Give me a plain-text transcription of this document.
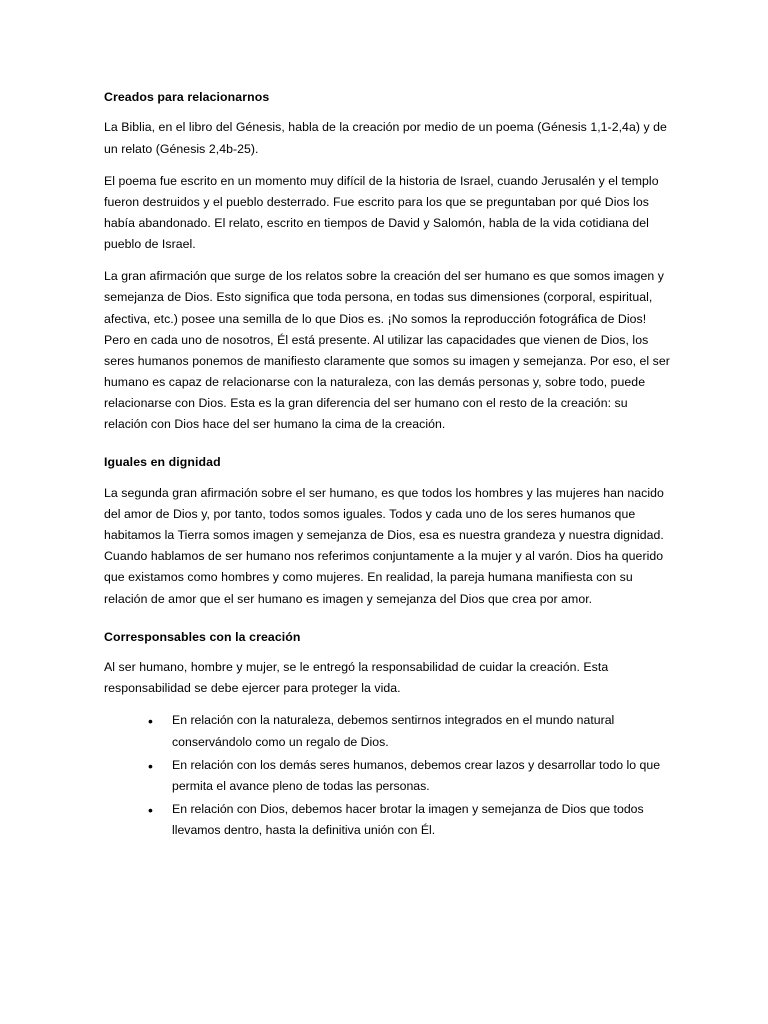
Creados para relacionarnos

La Biblia, en el libro del Génesis, habla de la creación por medio de un poema (Génesis 1,1-2,4a) y de un relato (Génesis 2,4b-25).

El poema fue escrito en un momento muy difícil de la historia de Israel, cuando Jerusalén y el templo fueron destruidos y el pueblo desterrado. Fue escrito para los que se preguntaban por qué Dios los había abandonado. El relato, escrito en tiempos de David y Salomón, habla de la vida cotidiana del pueblo de Israel.

La gran afirmación que surge de los relatos sobre la creación del ser humano es que somos imagen y semejanza de Dios. Esto significa que toda persona, en todas sus dimensiones (corporal, espiritual, afectiva, etc.) posee una semilla de lo que Dios es. ¡No somos la reproducción fotográfica de Dios! Pero en cada uno de nosotros, Él está presente. Al utilizar las capacidades que vienen de Dios, los seres humanos ponemos de manifiesto claramente que somos su imagen y semejanza. Por eso, el ser humano es capaz de relacionarse con la naturaleza, con las demás personas y, sobre todo, puede relacionarse con Dios. Esta es la gran diferencia del ser humano con el resto de la creación: su relación con Dios hace del ser humano la cima de la creación.

Iguales en dignidad

La segunda gran afirmación sobre el ser humano, es que todos los hombres y las mujeres han nacido del amor de Dios y, por tanto, todos somos iguales. Todos y cada uno de los seres humanos que habitamos la Tierra somos imagen y semejanza de Dios, esa es nuestra grandeza y nuestra dignidad. Cuando hablamos de ser humano nos referimos conjuntamente a la mujer y al varón. Dios ha querido que existamos como hombres y como mujeres. En realidad, la pareja humana manifiesta con su relación de amor que el ser humano es imagen y semejanza del Dios que crea por amor.

Corresponsables con la creación

Al ser humano, hombre y mujer, se le entregó la responsabilidad de cuidar la creación. Esta responsabilidad se debe ejercer para proteger la vida.

• En relación con la naturaleza, debemos sentirnos integrados en el mundo natural conservándolo como un regalo de Dios.
• En relación con los demás seres humanos, debemos crear lazos y desarrollar todo lo que permita el avance pleno de todas las personas.
• En relación con Dios, debemos hacer brotar la imagen y semejanza de Dios que todos llevamos dentro, hasta la definitiva unión con Él.
